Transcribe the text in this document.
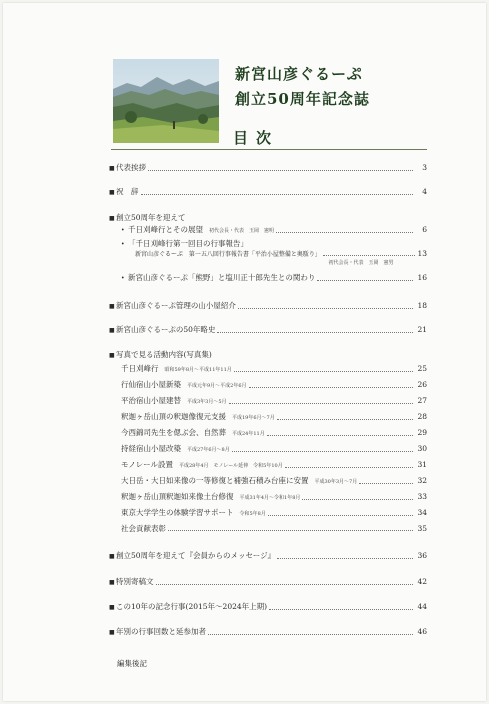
新宮山彦ぐるーぷ
創立50周年記念誌
目次
■ 代表挨拶	3
■ 祝　辞	4
■ 創立50周年を迎えて
• 千日刈峰行とその展望 初代会長・代表　玉岡　憲明	6
• 「千日刈峰行第一回目の行事報告」
新宮山彦ぐるーぷ　第一五八回行事報告書「平治小屋整備と奥駈り」	13
初代会長・代表　玉岡　憲男
• 新宮山彦ぐるーぷ「熊野」と塩川正十郎先生との関わり	16
■ 新宮山彦ぐるーぷ管理の山小屋紹介	18
■ 新宮山彦ぐるーぷの50年略史	21
■ 写真で見る活動内容(写真集)
千日刈峰行 昭和59年8月〜平成11年11月	25
行仙宿山小屋新築 平成元年9月〜平成2年6月	26
平治宿山小屋建替 平成3年3月〜5月	27
釈迦ヶ岳山頂の釈迦像復元支援 平成19年6月〜7月	28
今西錦司先生を偲ぶ会、自然葬 平成24年11月	29
持経宿山小屋改築 平成27年6月〜8月	30
モノレール設置 平成28年4月　モノレール延伸　令和5年10月	31
大日岳・大日如来像の一等修復と補強石積み台座に安置 平成30年3月〜7月	32
釈迦ヶ岳山頂釈迦如来像土台修復 平成31年4月〜令和1年8月	33
東京大学学生の体験学習サポート 令和5年8月	34
社会貢献表彰	35
■ 創立50周年を迎えて『会員からのメッセージ』	36
■ 特別寄稿文	42
■ この10年の記念行事(2015年〜2024年上期)	44
■ 年別の行事回数と延参加者	46
編集後記
